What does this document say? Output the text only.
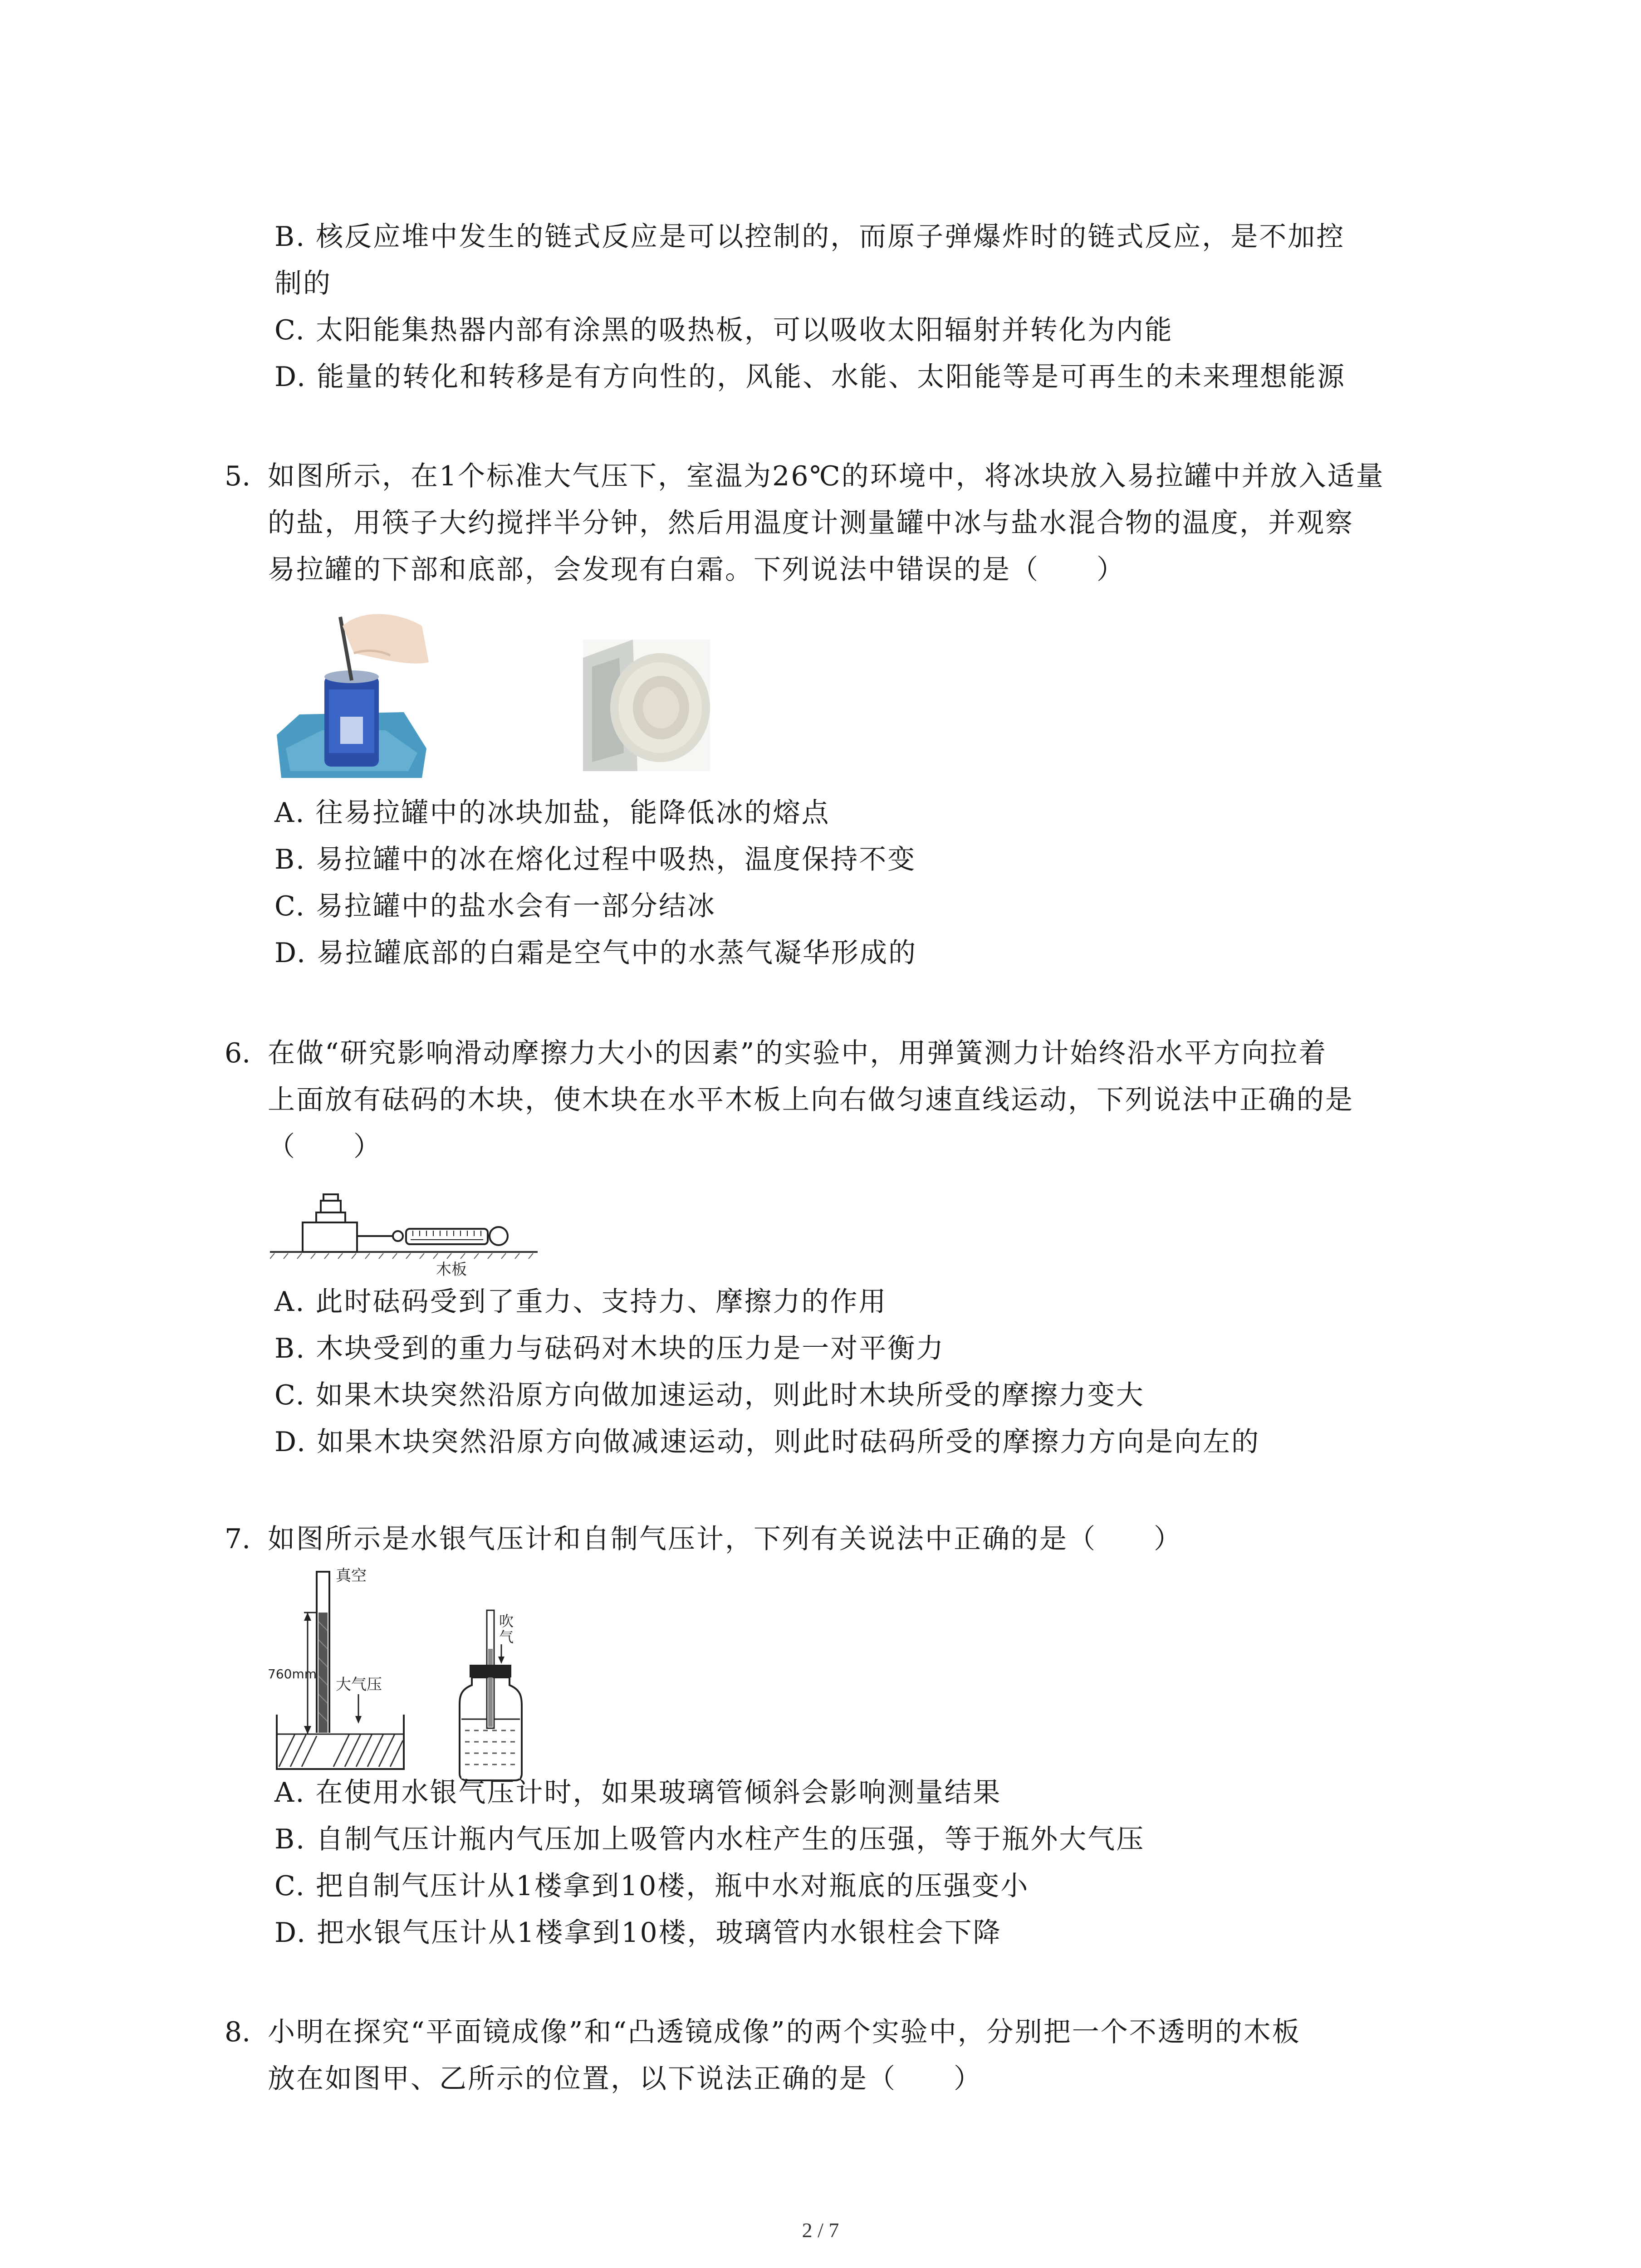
B. 核反应堆中发生的链式反应是可以控制的，而原子弹爆炸时的链式反应，是不加控
制的
C. 太阳能集热器内部有涂黑的吸热板，可以吸收太阳辐射并转化为内能
D. 能量的转化和转移是有方向性的，风能、水能、太阳能等是可再生的未来理想能源
5. 如图所示，在1个标准大气压下，室温为26℃的环境中，将冰块放入易拉罐中并放入适量
的盐，用筷子大约搅拌半分钟，然后用温度计测量罐中冰与盐水混合物的温度，并观察
易拉罐的下部和底部，会发现有白霜。下列说法中错误的是（　　）
A. 往易拉罐中的冰块加盐，能降低冰的熔点
B. 易拉罐中的冰在熔化过程中吸热，温度保持不变
C. 易拉罐中的盐水会有一部分结冰
D. 易拉罐底部的白霜是空气中的水蒸气凝华形成的
6. 在做“研究影响滑动摩擦力大小的因素”的实验中，用弹簧测力计始终沿水平方向拉着
上面放有砝码的木块，使木块在水平木板上向右做匀速直线运动，下列说法中正确的是
（　　）
木板
A. 此时砝码受到了重力、支持力、摩擦力的作用
B. 木块受到的重力与砝码对木块的压力是一对平衡力
C. 如果木块突然沿原方向做加速运动，则此时木块所受的摩擦力变大
D. 如果木块突然沿原方向做减速运动，则此时砝码所受的摩擦力方向是向左的
7. 如图所示是水银气压计和自制气压计，下列有关说法中正确的是（　　）
真空
760mm
大气压
吹
气
A. 在使用水银气压计时，如果玻璃管倾斜会影响测量结果
B. 自制气压计瓶内气压加上吸管内水柱产生的压强，等于瓶外大气压
C. 把自制气压计从1楼拿到10楼，瓶中水对瓶底的压强变小
D. 把水银气压计从1楼拿到10楼，玻璃管内水银柱会下降
8. 小明在探究“平面镜成像”和“凸透镜成像”的两个实验中，分别把一个不透明的木板
放在如图甲、乙所示的位置，以下说法正确的是（　　）
2 / 7
